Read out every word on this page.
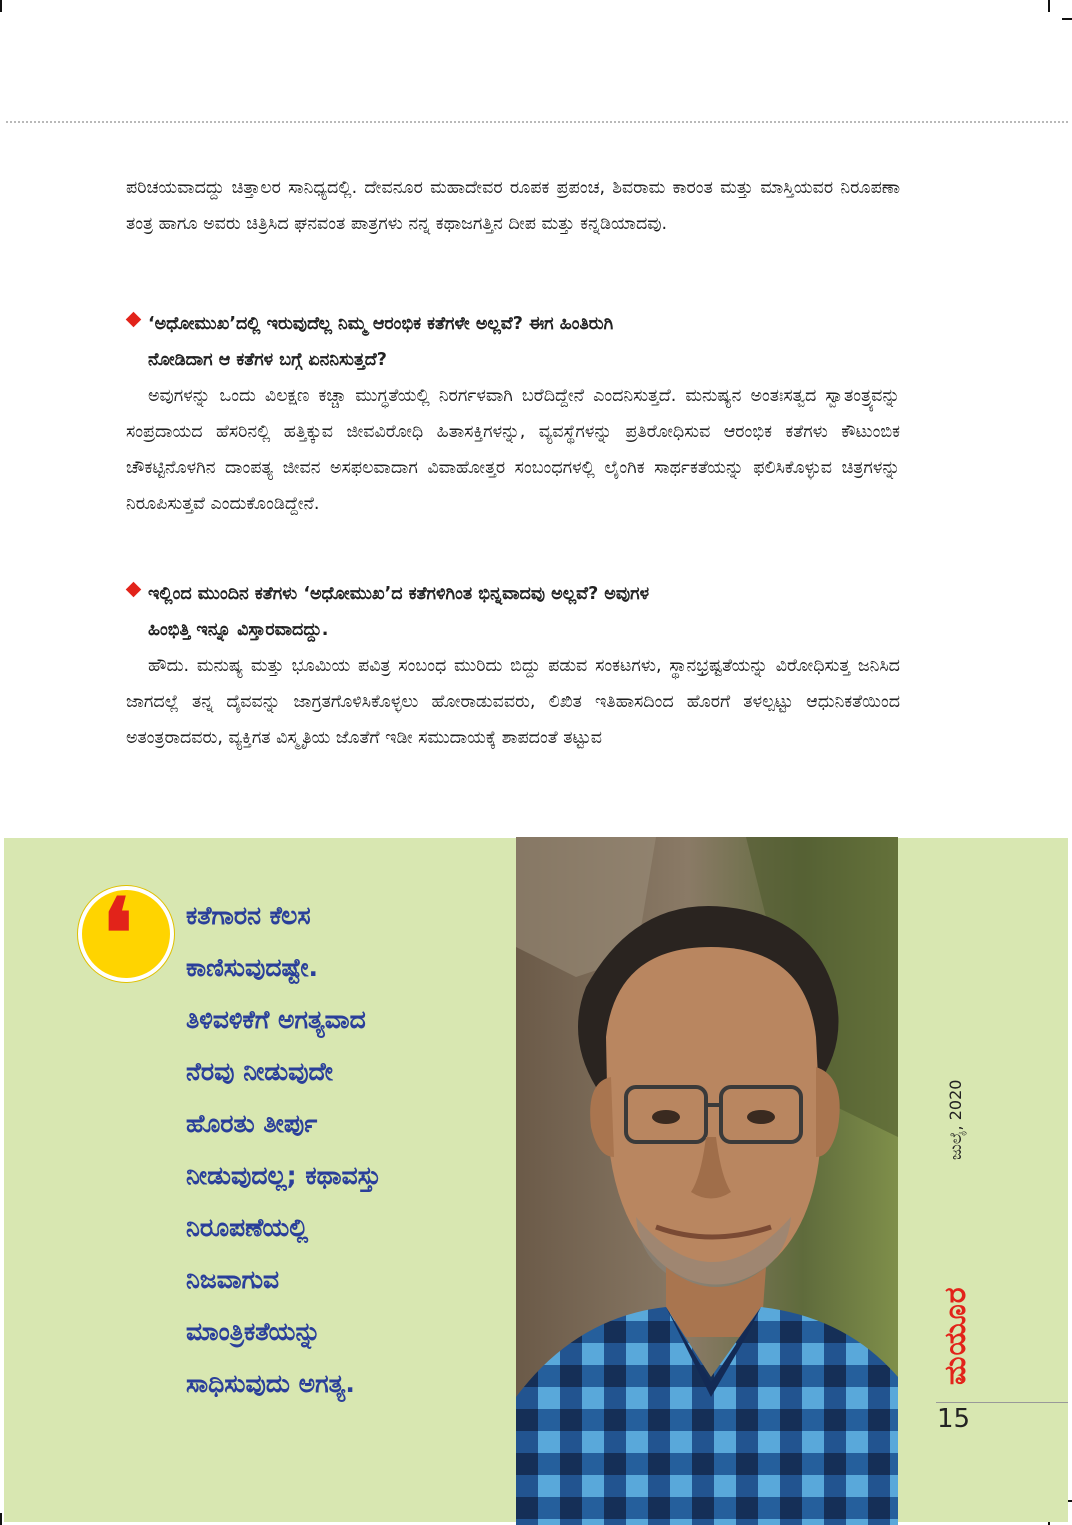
ಪರಿಚಯವಾದದ್ದು ಚಿತ್ತಾಲರ ಸಾನಿಧ್ಯದಲ್ಲಿ. ದೇವನೂರ ಮಹಾದೇವರ ರೂಪಕ ಪ್ರಪಂಚ, ಶಿವರಾಮ ಕಾರಂತ ಮತ್ತು ಮಾಸ್ತಿಯವರ ನಿರೂಪಣಾ ತಂತ್ರ ಹಾಗೂ ಅವರು ಚಿತ್ರಿಸಿದ ಘನವಂತ ಪಾತ್ರಗಳು ನನ್ನ ಕಥಾಜಗತ್ತಿನ ದೀಪ ಮತ್ತು ಕನ್ನಡಿಯಾದವು.

‘ಅಧೋಮುಖ’ದಲ್ಲಿ ಇರುವುದೆಲ್ಲ ನಿಮ್ಮ ಆರಂಭಿಕ ಕತೆಗಳೇ ಅಲ್ಲವೆ? ಈಗ ಹಿಂತಿರುಗಿ
ನೋಡಿದಾಗ ಆ ಕತೆಗಳ ಬಗ್ಗೆ ಏನನಿಸುತ್ತದೆ?

ಅವುಗಳನ್ನು ಒಂದು ವಿಲಕ್ಷಣ ಕಚ್ಚಾ ಮುಗ್ಧತೆಯಲ್ಲಿ ನಿರರ್ಗಳವಾಗಿ ಬರೆದಿದ್ದೇನೆ ಎಂದನಿಸುತ್ತದೆ. ಮನುಷ್ಯನ ಅಂತಃಸತ್ವದ ಸ್ವಾತಂತ್ರ್ಯವನ್ನು ಸಂಪ್ರದಾಯದ ಹೆಸರಿನಲ್ಲಿ ಹತ್ತಿಕ್ಕುವ ಜೀವವಿರೋಧಿ ಹಿತಾಸಕ್ತಿಗಳನ್ನು, ವ್ಯವಸ್ಥೆಗಳನ್ನು ಪ್ರತಿರೋಧಿಸುವ ಆರಂಭಿಕ ಕತೆಗಳು ಕೌಟುಂಬಿಕ ಚೌಕಟ್ಟಿನೊಳಗಿನ ದಾಂಪತ್ಯ ಜೀವನ ಅಸಫಲವಾದಾಗ ವಿವಾಹೋತ್ತರ ಸಂಬಂಧಗಳಲ್ಲಿ ಲೈಂಗಿಕ ಸಾರ್ಥಕತೆಯನ್ನು ಫಲಿಸಿಕೊಳ್ಳುವ ಚಿತ್ರಗಳನ್ನು ನಿರೂಪಿಸುತ್ತವೆ ಎಂದುಕೊಂಡಿದ್ದೇನೆ.

ಇಲ್ಲಿಂದ ಮುಂದಿನ ಕತೆಗಳು ‘ಅಧೋಮುಖ’ದ ಕತೆಗಳಿಗಿಂತ ಭಿನ್ನವಾದವು ಅಲ್ಲವೆ? ಅವುಗಳ
ಹಿಂಭಿತ್ತಿ ಇನ್ನೂ ವಿಸ್ತಾರವಾದದ್ದು.

ಹೌದು. ಮನುಷ್ಯ ಮತ್ತು ಭೂಮಿಯ ಪವಿತ್ರ ಸಂಬಂಧ ಮುರಿದು ಬಿದ್ದು ಪಡುವ ಸಂಕಟಗಳು, ಸ್ಥಾನಭ್ರಷ್ಟತೆಯನ್ನು ವಿರೋಧಿಸುತ್ತ ಜನಿಸಿದ ಜಾಗದಲ್ಲೆ ತನ್ನ ದೈವವನ್ನು ಜಾಗ್ರತಗೊಳಿಸಿಕೊಳ್ಳಲು ಹೋರಾಡುವವರು, ಲಿಖಿತ ಇತಿಹಾಸದಿಂದ ಹೊರಗೆ ತಳಲ್ಪಟ್ಟು ಆಧುನಿಕತೆಯಿಂದ ಅತಂತ್ರರಾದವರು, ವ್ಯಕ್ತಿಗತ ವಿಸ್ಮೃತಿಯ ಜೊತೆಗೆ ಇಡೀ ಸಮುದಾಯಕ್ಕೆ ಶಾಪದಂತೆ ತಟ್ಟುವ

❛ ಕತೆಗಾರನ ಕೆಲಸ
ಕಾಣಿಸುವುದಷ್ಟೇ.
ತಿಳಿವಳಿಕೆಗೆ ಅಗತ್ಯವಾದ
ನೆರವು ನೀಡುವುದೇ
ಹೊರತು ತೀರ್ಪು
ನೀಡುವುದಲ್ಲ; ಕಥಾವಸ್ತು
ನಿರೂಪಣೆಯಲ್ಲಿ
ನಿಜವಾಗುವ
ಮಾಂತ್ರಿಕತೆಯನ್ನು
ಸಾಧಿಸುವುದು ಅಗತ್ಯ.
ಜುಲೈ, 2020
ಮಯೂರ
15
